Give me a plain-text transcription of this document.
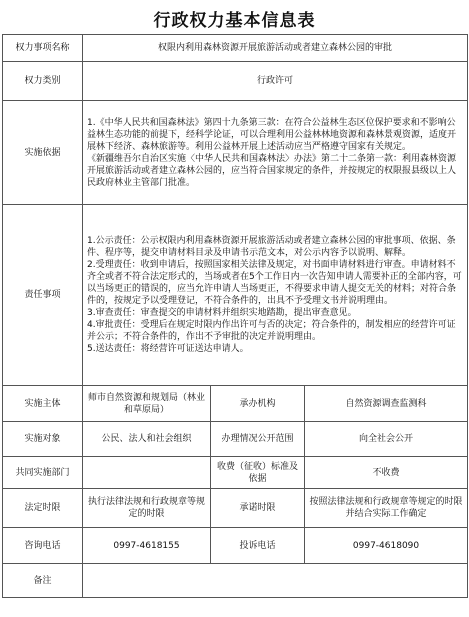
行政权力基本信息表
权力事项名称	权限内利用森林资源开展旅游活动或者建立森林公园的审批		
权力类别	行政许可		
实施依据	1.《中华人民共和国森林法》第四十九条第三款：在符合公益林生态区位保护要求和不影响公益林生态功能的前提下，经科学论证，可以合理利用公益林林地资源和森林景观资源，适度开展林下经济、森林旅游等。利用公益林开展上述活动应当严格遵守国家有关规定。

《新疆维吾尔自治区实施〈中华人民共和国森林法〉办法》第二十二条第一款：利用森林资源开展旅游活动或者建立森林公园的，应当符合国家规定的条件，并按规定的权限报县级以上人民政府林业主管部门批准。		

责任事项	1.公示责任：公示权限内利用森林资源开展旅游活动或者建立森林公园的审批事项、依据、条件、程序等，提交申请材料目录及申请书示范文本，对公示内容予以说明、解释。

2.受理责任：收到申请后，按照国家相关法律及规定，对书面申请材料进行审查。申请材料不齐全或者不符合法定形式的，当场或者在5个工作日内一次告知申请人需要补正的全部内容，可以当场更正的错误的，应当允许申请人当场更正，不得要求申请人提交无关的材料；对符合条件的，按规定予以受理登记，不符合条件的，出具不予受理文书并说明理由。

3.审查责任：审查提交的申请材料并组织实地踏勘，提出审查意见。

4.审批责任：受理后在规定时限内作出许可与否的决定；符合条件的，制发相应的经营许可证并公示；不符合条件的，作出不予审批的决定并说明理由。

5.送达责任：将经营许可证送达申请人。		

实施主体	师市自然资源和规划局（林业和草原局）	承办机构	自然资源调查监测科
实施对象	公民、法人和社会组织	办理情况公开范围	向全社会公开
共同实施部门		收费（征收）标准及依据	不收费
法定时限	执行法律法规和行政规章等规定的时限	承诺时限	按照法律法规和行政规章等规定的时限并结合实际工作确定
咨询电话	0997-4618155	投诉电话	0997-4618090
备注			
